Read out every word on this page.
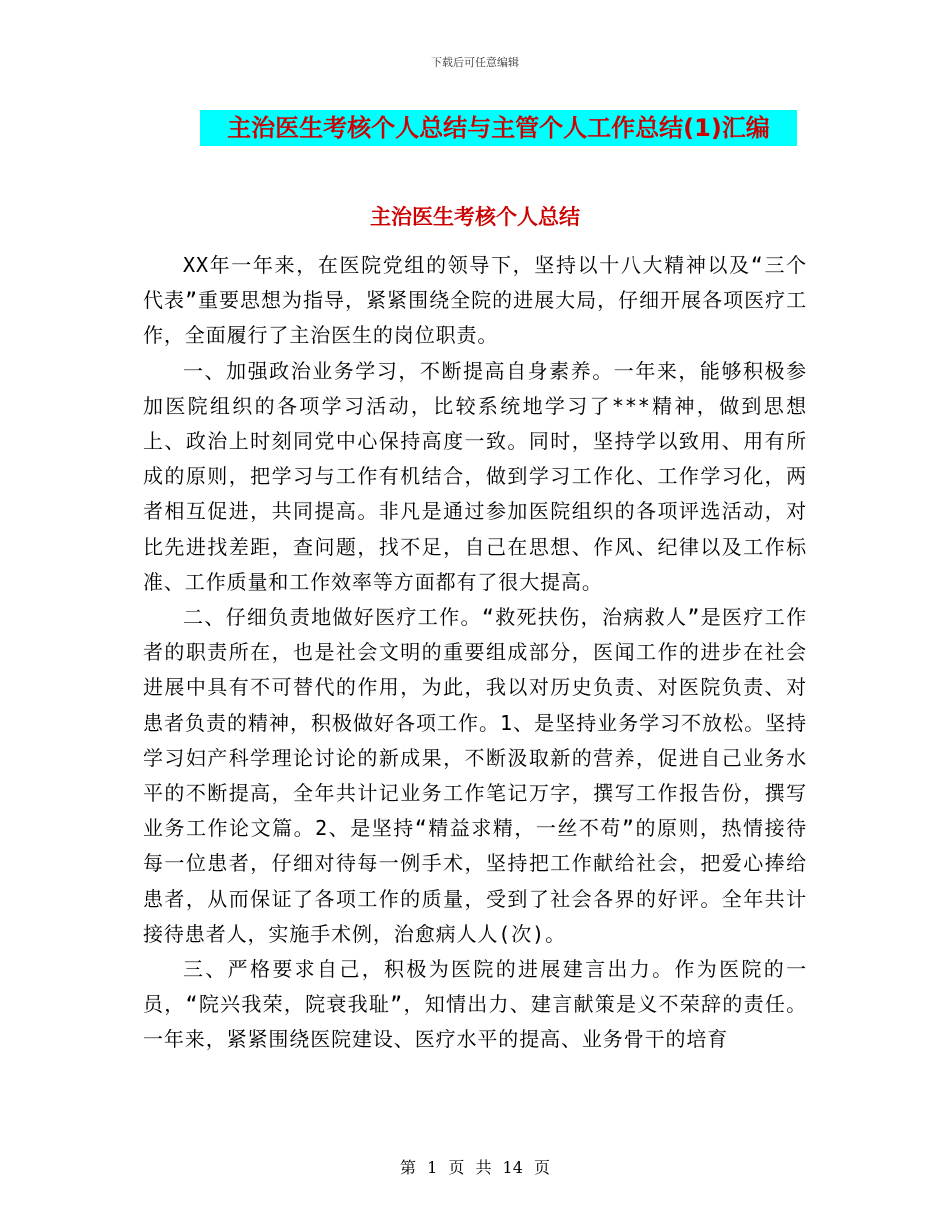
下载后可任意编辑
主治医生考核个人总结与主管个人工作总结(1)汇编
主治医生考核个人总结

XX年一年来，在医院党组的领导下，坚持以十八大精神以及“三个代表”重要思想为指导，紧紧围绕全院的进展大局，仔细开展各项医疗工作，全面履行了主治医生的岗位职责。

一、加强政治业务学习，不断提高自身素养。一年来，能够积极参加医院组织的各项学习活动，比较系统地学习了***精神，做到思想上、政治上时刻同党中心保持高度一致。同时，坚持学以致用、用有所成的原则，把学习与工作有机结合，做到学习工作化、工作学习化，两者相互促进，共同提高。非凡是通过参加医院组织的各项评选活动，对比先进找差距，查问题，找不足，自己在思想、作风、纪律以及工作标准、工作质量和工作效率等方面都有了很大提高。

二、仔细负责地做好医疗工作。“救死扶伤，治病救人”是医疗工作者的职责所在，也是社会文明的重要组成部分，医闻工作的进步在社会进展中具有不可替代的作用，为此，我以对历史负责、对医院负责、对患者负责的精神，积极做好各项工作。1、是坚持业务学习不放松。坚持学习妇产科学理论讨论的新成果，不断汲取新的营养，促进自己业务水平的不断提高，全年共计记业务工作笔记万字，撰写工作报告份，撰写业务工作论文篇。2、是坚持“精益求精，一丝不苟”的原则，热情接待每一位患者，仔细对待每一例手术，坚持把工作献给社会，把爱心捧给患者，从而保证了各项工作的质量，受到了社会各界的好评。全年共计接待患者人，实施手术例，治愈病人人(次)。

三、严格要求自己，积极为医院的进展建言出力。作为医院的一员，“院兴我荣，院衰我耻”，知情出力、建言献策是义不荣辞的责任。一年来，紧紧围绕医院建设、医疗水平的提高、业务骨干的培育

第 1 页 共 14 页
